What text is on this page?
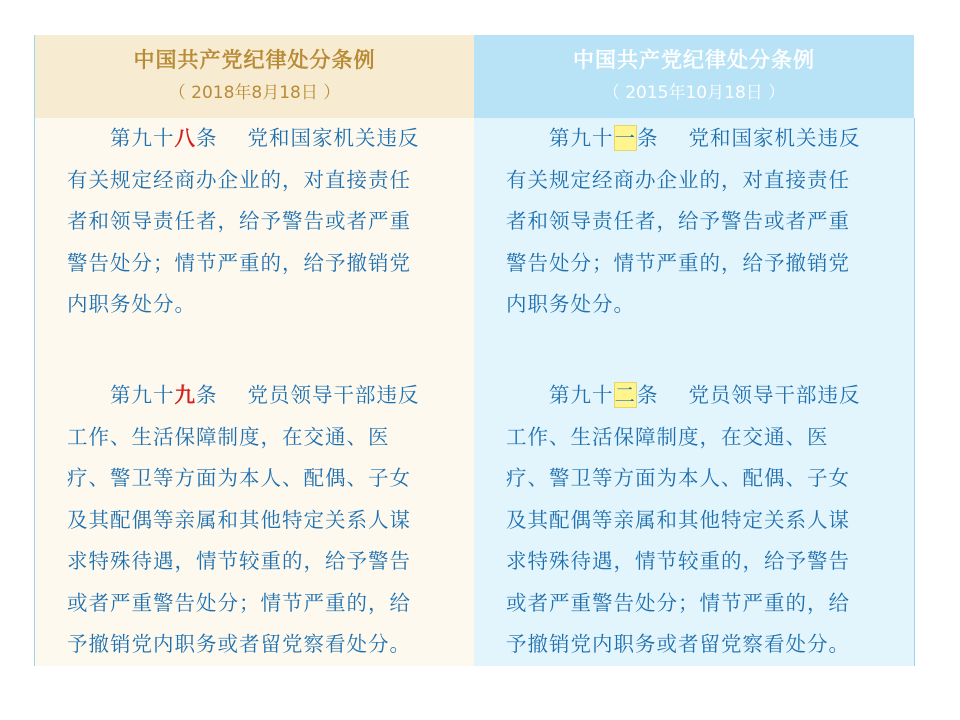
中国共产党纪律处分条例
（ 2018年8月18日 ）
第九十八条 党和国家机关违反
有关规定经商办企业的，对直接责任
者和领导责任者，给予警告或者严重
警告处分；情节严重的，给予撤销党
内职务处分。
第九十九条 党员领导干部违反
工作、生活保障制度，在交通、医
疗、警卫等方面为本人、配偶、子女
及其配偶等亲属和其他特定关系人谋
求特殊待遇，情节较重的，给予警告
或者严重警告处分；情节严重的，给
予撤销党内职务或者留党察看处分。
中国共产党纪律处分条例
（ 2015年10月18日 ）
第九十一条 党和国家机关违反
有关规定经商办企业的，对直接责任
者和领导责任者，给予警告或者严重
警告处分；情节严重的，给予撤销党
内职务处分。
第九十二条 党员领导干部违反
工作、生活保障制度，在交通、医
疗、警卫等方面为本人、配偶、子女
及其配偶等亲属和其他特定关系人谋
求特殊待遇，情节较重的，给予警告
或者严重警告处分；情节严重的，给
予撤销党内职务或者留党察看处分。
